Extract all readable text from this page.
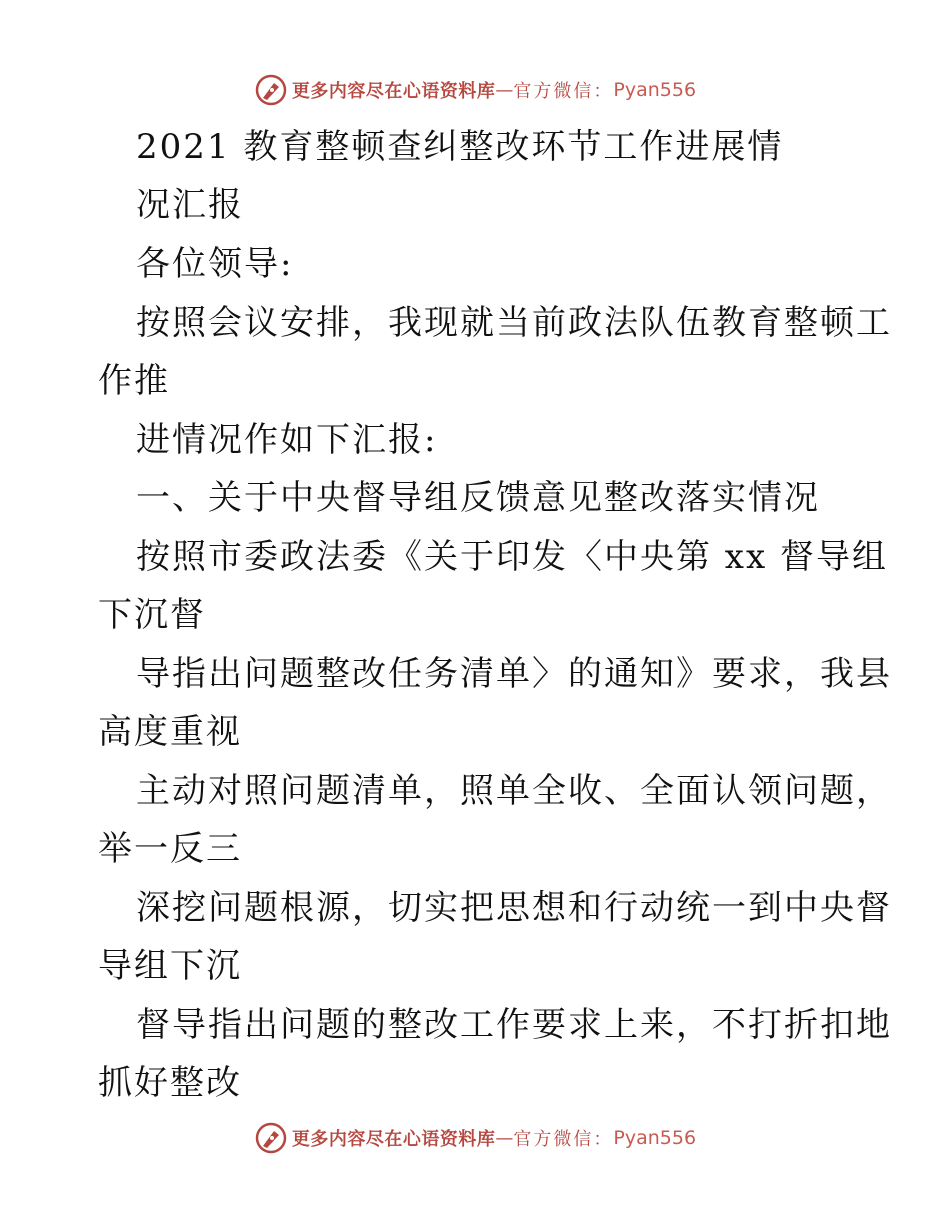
更多内容尽在心语资料库 — 官方微信： Pyan556
2021 教育整顿查纠整改环节工作进展情
况汇报
各位领导:
按照会议安排，我现就当前政法队伍教育整顿工
作推
进情况作如下汇报:
一、关于中央督导组反馈意见整改落实情况
按照市委政法委《关于印发〈中央第 xx 督导组
下沉督
导指出问题整改任务清单〉的通知》要求，我县
高度重视
主动对照问题清单，照单全收、全面认领问题，
举一反三
深挖问题根源，切实把思想和行动统一到中央督
导组下沉
督导指出问题的整改工作要求上来，不打折扣地
抓好整改
更多内容尽在心语资料库 — 官方微信： Pyan556
